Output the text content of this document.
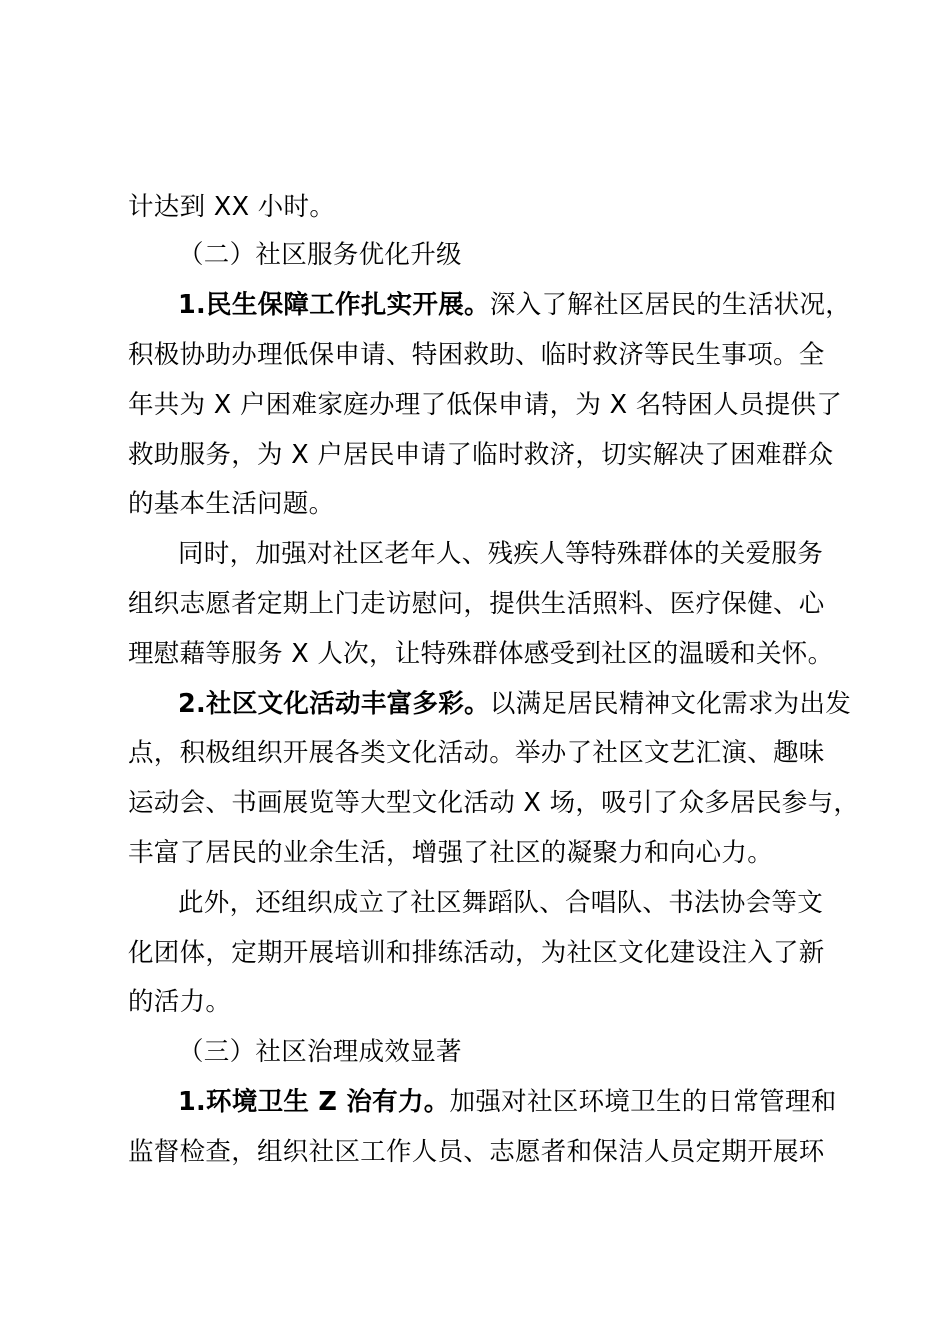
计达到 XX 小时。
（二）社区服务优化升级
1.民生保障工作扎实开展。深入了解社区居民的生活状况，
积极协助办理低保申请、特困救助、临时救济等民生事项。全
年共为 X 户困难家庭办理了低保申请，为 X 名特困人员提供了
救助服务，为 X 户居民申请了临时救济，切实解决了困难群众
的基本生活问题。
同时，加强对社区老年人、残疾人等特殊群体的关爱服务
组织志愿者定期上门走访慰问，提供生活照料、医疗保健、心
理慰藉等服务 X 人次，让特殊群体感受到社区的温暖和关怀。
2.社区文化活动丰富多彩。以满足居民精神文化需求为出发
点，积极组织开展各类文化活动。举办了社区文艺汇演、趣味
运动会、书画展览等大型文化活动 X 场，吸引了众多居民参与，
丰富了居民的业余生活，增强了社区的凝聚力和向心力。
此外，还组织成立了社区舞蹈队、合唱队、书法协会等文
化团体，定期开展培训和排练活动，为社区文化建设注入了新
的活力。
（三）社区治理成效显著
1.环境卫生 Z 治有力。加强对社区环境卫生的日常管理和
监督检查，组织社区工作人员、志愿者和保洁人员定期开展环
